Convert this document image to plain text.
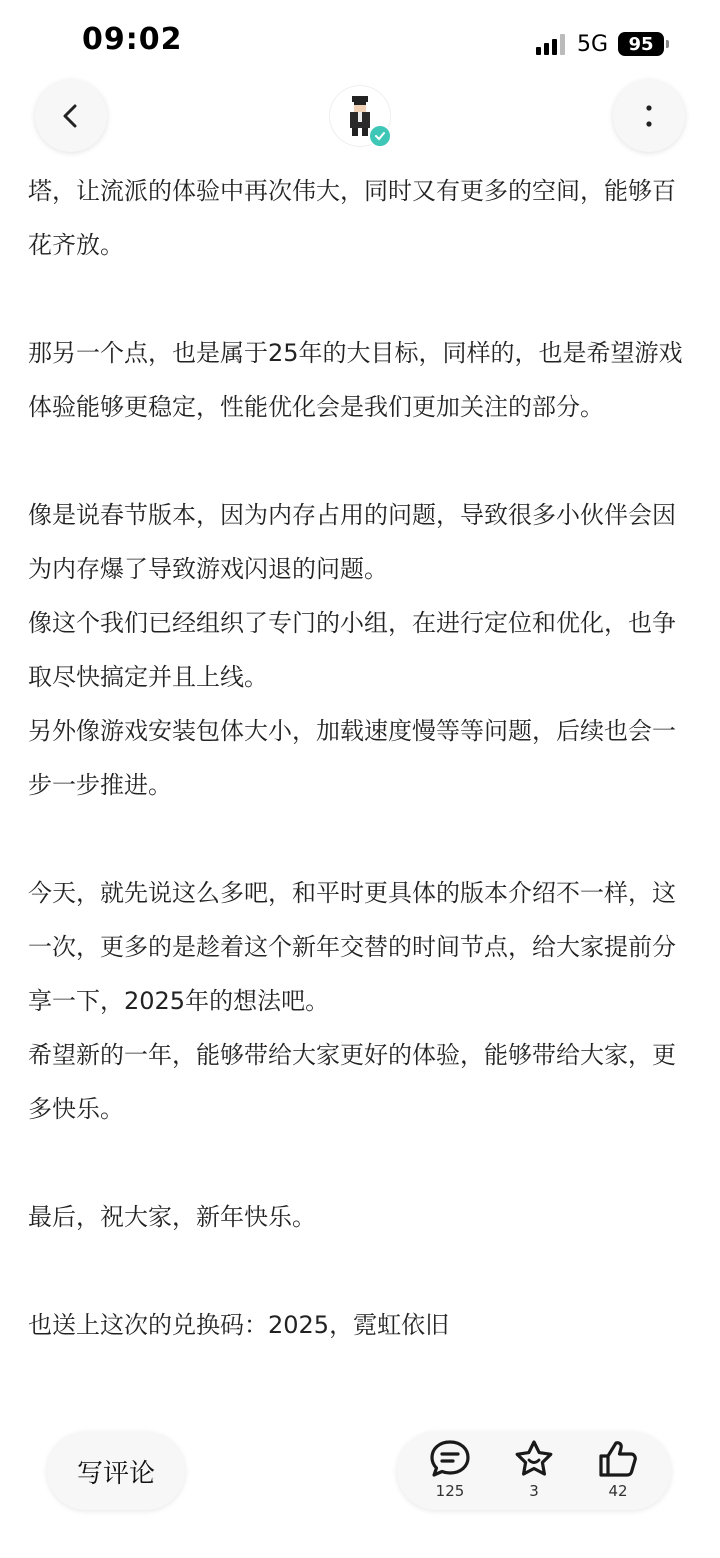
09:02	5G 95

塔，让流派的体验中再次伟大，同时又有更多的空间，能够百花齐放。

那另一个点，也是属于25年的大目标，同样的，也是希望游戏体验能够更稳定，性能优化会是我们更加关注的部分。

像是说春节版本，因为内存占用的问题，导致很多小伙伴会因为内存爆了导致游戏闪退的问题。

像这个我们已经组织了专门的小组，在进行定位和优化，也争取尽快搞定并且上线。

另外像游戏安装包体大小，加载速度慢等等问题，后续也会一步一步推进。

今天，就先说这么多吧，和平时更具体的版本介绍不一样，这一次，更多的是趁着这个新年交替的时间节点，给大家提前分享一下，2025年的想法吧。

希望新的一年，能够带给大家更好的体验，能够带给大家，更多快乐。

最后，祝大家，新年快乐。

也送上这次的兑换码：2025，霓虹依旧

写评论
125	3	42
